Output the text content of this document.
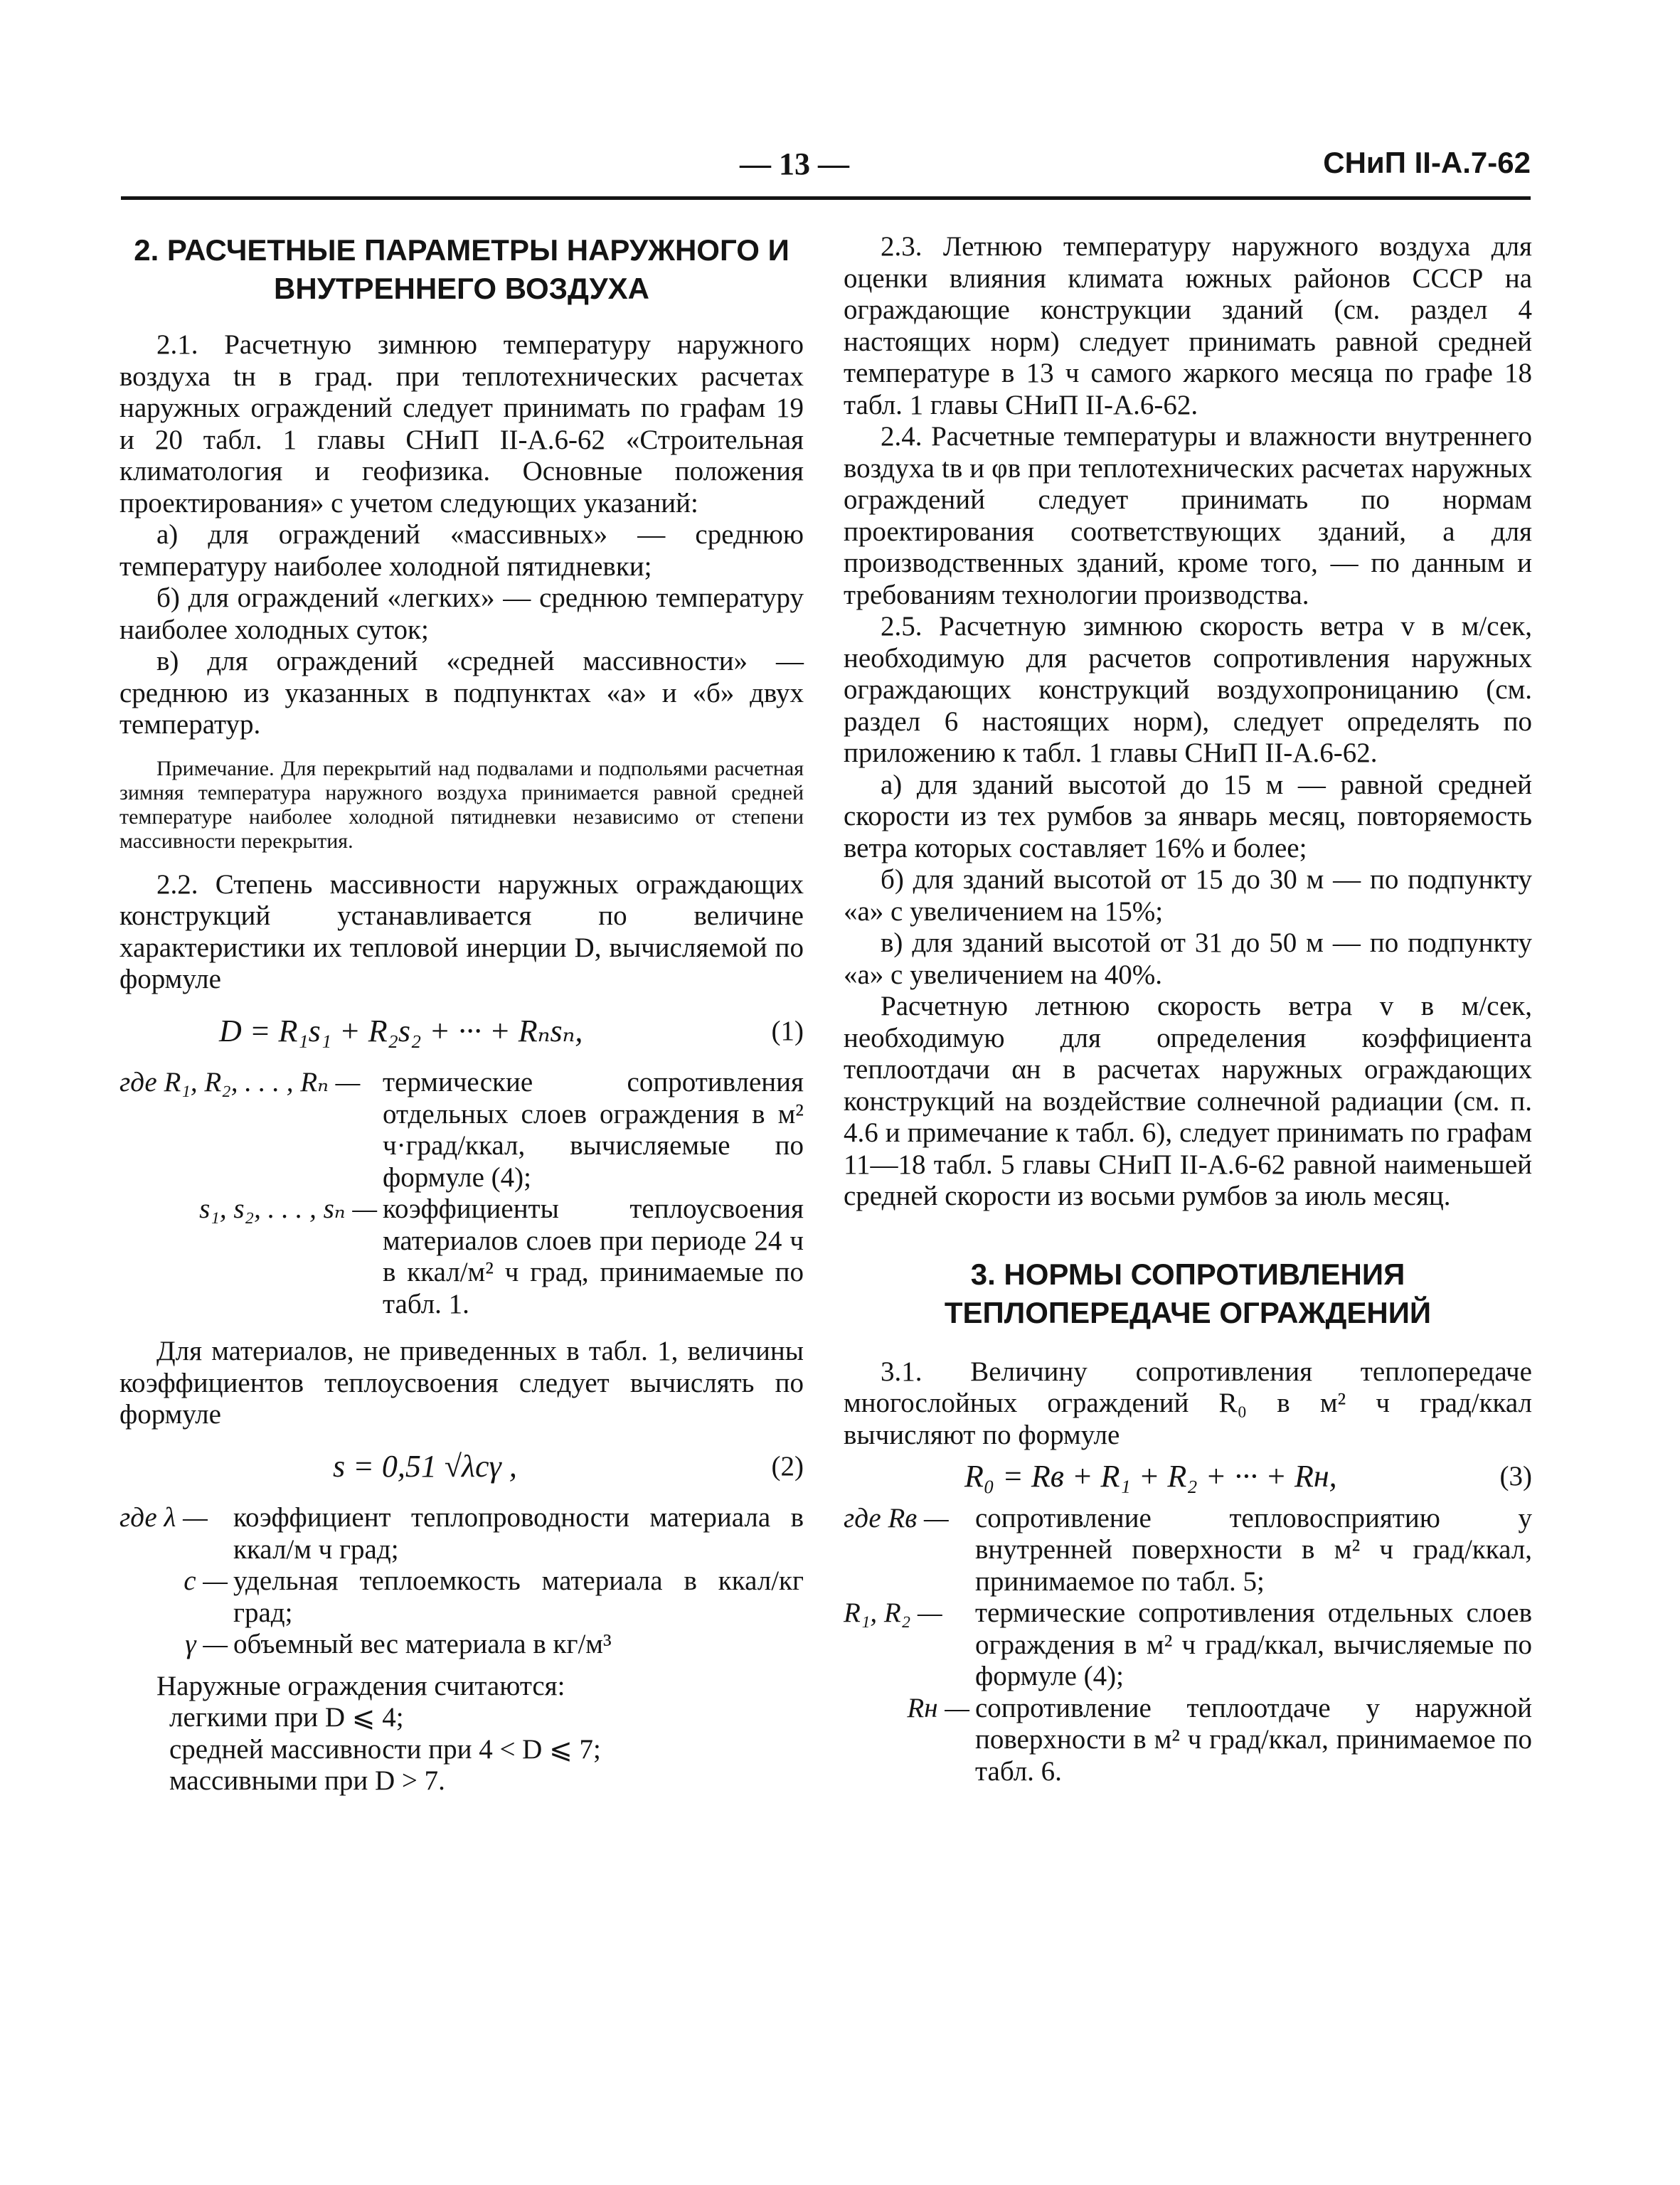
— 13 —	СНиП II-А.7-62
2. РАСЧЕТНЫЕ ПАРАМЕТРЫ НАРУЖНОГО И ВНУТРЕННЕГО ВОЗДУХА

2.1. Расчетную зимнюю температуру наружного воздуха tн в град. при теплотехнических расчетах наружных ограждений следует принимать по графам 19 и 20 табл. 1 главы СНиП II-А.6-62 «Строительная климатология и геофизика. Основные положения проектирования» с учетом следующих указаний:

а) для ограждений «массивных» — среднюю температуру наиболее холодной пятидневки;

б) для ограждений «легких» — среднюю температуру наиболее холодных суток;

в) для ограждений «средней массивности» — среднюю из указанных в подпунктах «а» и «б» двух температур.

Примечание. Для перекрытий над подвалами и подпольями расчетная зимняя температура наружного воздуха принимается равной средней температуре наиболее холодной пятидневки независимо от степени массивности перекрытия.

2.2. Степень массивности наружных ограждающих конструкций устанавливается по величине характеристики их тепловой инерции D, вычисляемой по формуле

D = R₁s₁ + R₂s₂ + ··· + Rₙsₙ,	(1)
где R₁, R₂, . . . , Rₙ — термические сопротивления отдельных слоев ограждения в м² ч·град/ккал, вычисляемые по формуле (4);
s₁, s₂, . . . , sₙ — коэффициенты теплоусвоения материалов слоев при периоде 24 ч в ккал/м² ч град, принимаемые по табл. 1.

Для материалов, не приведенных в табл. 1, величины коэффициентов теплоусвоения следует вычислять по формуле

s = 0,51 √λcγ ,	(2)
где λ — коэффициент теплопроводности материала в ккал/м ч град;
c — удельная теплоемкость материала в ккал/кг град;
γ — объемный вес материала в кг/м³

Наружные ограждения считаются:

легкими при D ⩽ 4;

средней массивности при 4 < D ⩽ 7;

массивными при D > 7.

2.3. Летнюю температуру наружного воздуха для оценки влияния климата южных районов СССР на ограждающие конструкции зданий (см. раздел 4 настоящих норм) следует принимать равной средней температуре в 13 ч самого жаркого месяца по графе 18 табл. 1 главы СНиП II-А.6-62.

2.4. Расчетные температуры и влажности внутреннего воздуха tв и φв при теплотехнических расчетах наружных ограждений следует принимать по нормам проектирования соответствующих зданий, а для производственных зданий, кроме того, — по данным и требованиям технологии производства.

2.5. Расчетную зимнюю скорость ветра v в м/сек, необходимую для расчетов сопротивления наружных ограждающих конструкций воздухопроницанию (см. раздел 6 настоящих норм), следует определять по приложению к табл. 1 главы СНиП II-А.6-62.

а) для зданий высотой до 15 м — равной средней скорости из тех румбов за январь месяц, повторяемость ветра которых составляет 16% и более;

б) для зданий высотой от 15 до 30 м — по подпункту «а» с увеличением на 15%;

в) для зданий высотой от 31 до 50 м — по подпункту «а» с увеличением на 40%.

Расчетную летнюю скорость ветра v в м/сек, необходимую для определения коэффициента теплоотдачи αн в расчетах наружных ограждающих конструкций на воздействие солнечной радиации (см. п. 4.6 и примечание к табл. 6), следует принимать по графам 11—18 табл. 5 главы СНиП II-А.6-62 равной наименьшей средней скорости из восьми румбов за июль месяц.

3. НОРМЫ СОПРОТИВЛЕНИЯ ТЕПЛОПЕРЕДАЧЕ ОГРАЖДЕНИЙ

3.1. Величину сопротивления теплопередаче многослойных ограждений R₀ в м² ч град/ккал вычисляют по формуле

R₀ = Rв + R₁ + R₂ + ··· + Rн,	(3)
где Rв — сопротивление тепловосприятию у внутренней поверхности в м² ч град/ккал, принимаемое по табл. 5;
R₁, R₂ —	термические сопротивления отдельных слоев ограждения в м² ч град/ккал, вычисляемые по формуле (4);
Rн — сопротивление теплоотдаче у наружной поверхности в м² ч град/ккал, принимаемое по табл. 6.
